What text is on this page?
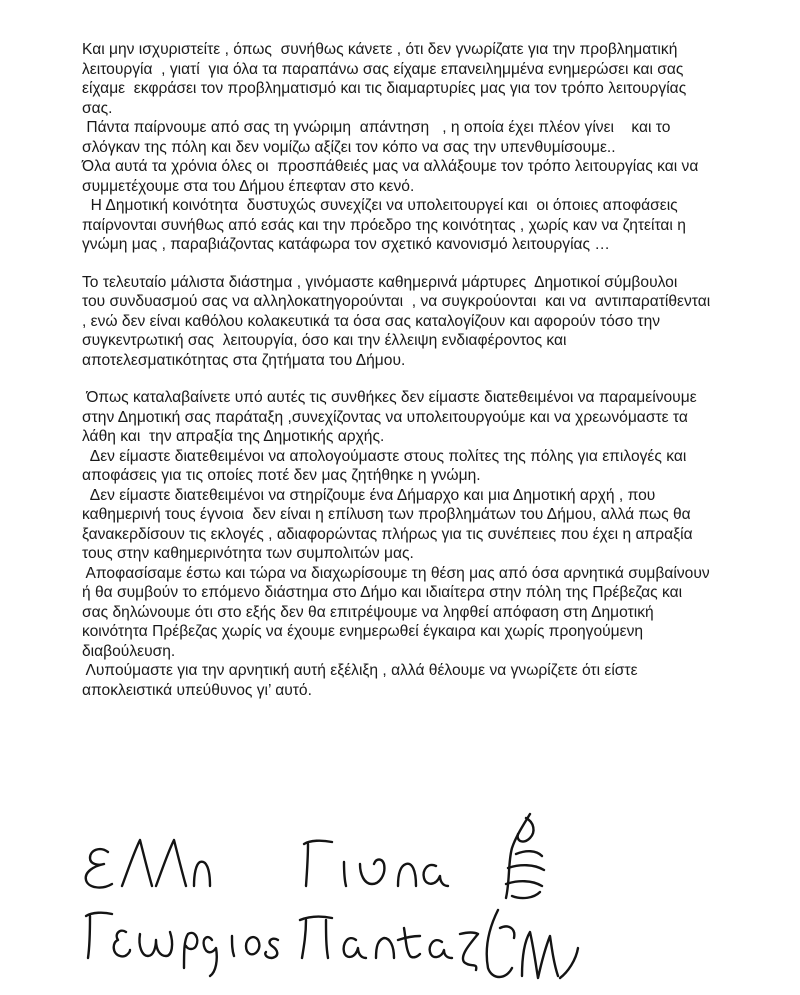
Και μην ισχυριστείτε , όπως  συνήθως κάνετε , ότι δεν γνωρίζατε για την προβληματική

λειτουργία  , γιατί  για όλα τα παραπάνω σας είχαμε επανειλημμένα ενημερώσει και σας

είχαμε  εκφράσει τον προβληματισμό και τις διαμαρτυρίες μας για τον τρόπο λειτουργίας

σας.

Πάντα παίρνουμε από σας τη γνώριμη  απάντηση   , η οποία έχει πλέον γίνει    και το

σλόγκαν της πόλη και δεν νομίζω αξίζει τον κόπο να σας την υπενθυμίσουμε..

Όλα αυτά τα χρόνια όλες οι  προσπάθειές μας να αλλάξουμε τον τρόπο λειτουργίας και να

συμμετέχουμε στα του Δήμου έπεφταν στο κενό.

Η Δημοτική κοινότητα  δυστυχώς συνεχίζει να υπολειτουργεί και  οι όποιες αποφάσεις

παίρνονται συνήθως από εσάς και την πρόεδρο της κοινότητας , χωρίς καν να ζητείται η

γνώμη μας , παραβιάζοντας κατάφωρα τον σχετικό κανονισμό λειτουργίας …

Το τελευταίο μάλιστα διάστημα , γινόμαστε καθημερινά μάρτυρες  Δημοτικοί σύμβουλοι

του συνδυασμού σας να αλληλοκατηγορούνται  , να συγκρούονται  και να  αντιπαρατίθενται

, ενώ δεν είναι καθόλου κολακευτικά τα όσα σας καταλογίζουν και αφορούν τόσο την

συγκεντρωτική σας  λειτουργία, όσο και την έλλειψη ενδιαφέροντος και

αποτελεσματικότητας στα ζητήματα του Δήμου.

Όπως καταλαβαίνετε υπό αυτές τις συνθήκες δεν είμαστε διατεθειμένοι να παραμείνουμε

στην Δημοτική σας παράταξη ,συνεχίζοντας να υπολειτουργούμε και να χρεωνόμαστε τα

λάθη και  την απραξία της Δημοτικής αρχής.

Δεν είμαστε διατεθειμένοι να απολογούμαστε στους πολίτες της πόλης για επιλογές και

αποφάσεις για τις οποίες ποτέ δεν μας ζητήθηκε η γνώμη.

Δεν είμαστε διατεθειμένοι να στηρίζουμε ένα Δήμαρχο και μια Δημοτική αρχή , που

καθημερινή τους έγνοια  δεν είναι η επίλυση των προβλημάτων του Δήμου, αλλά πως θα

ξανακερδίσουν τις εκλογές , αδιαφορώντας πλήρως για τις συνέπειες που έχει η απραξία

τους στην καθημερινότητα των συμπολιτών μας.

Αποφασίσαμε έστω και τώρα να διαχωρίσουμε τη θέση μας από όσα αρνητικά συμβαίνουν

ή θα συμβούν το επόμενο διάστημα στο Δήμο και ιδιαίτερα στην πόλη της Πρέβεζας και

σας δηλώνουμε ότι στο εξής δεν θα επιτρέψουμε να ληφθεί απόφαση στη Δημοτική

κοινότητα Πρέβεζας χωρίς να έχουμε ενημερωθεί έγκαιρα και χωρίς προηγούμενη

διαβούλευση.

Λυπούμαστε για την αρνητική αυτή εξέλιξη , αλλά θέλουμε να γνωρίζετε ότι είστε

αποκλειστικά υπεύθυνος γι’ αυτό.
